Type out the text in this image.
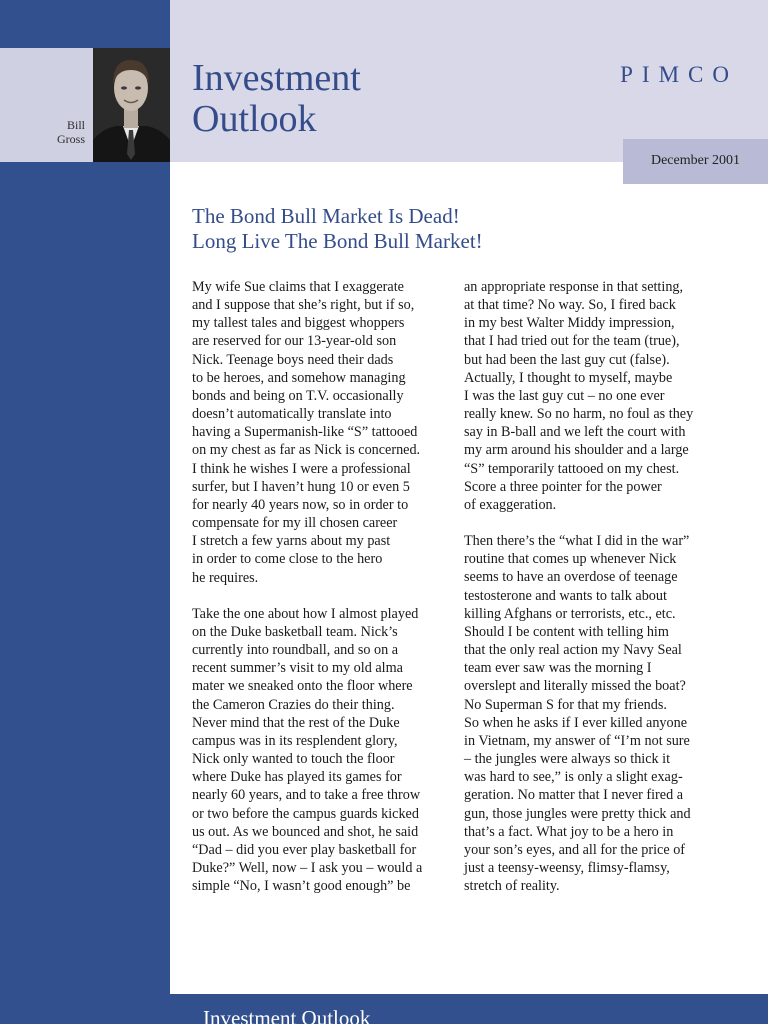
Bill
Gross
Investment
Outlook
PIMCO
December 2001
The Bond Bull Market Is Dead!
Long Live The Bond Bull Market!
My wife Sue claims that I exaggerate
and I suppose that she’s right, but if so,
my tallest tales and biggest whoppers
are reserved for our 13-year-old son
Nick. Teenage boys need their dads
to be heroes, and somehow managing
bonds and being on T.V. occasionally
doesn’t automatically translate into
having a Supermanish-like “S” tattooed
on my chest as far as Nick is concerned.
I think he wishes I were a professional
surfer, but I haven’t hung 10 or even 5
for nearly 40 years now, so in order to
compensate for my ill chosen career
I stretch a few yarns about my past
in order to come close to the hero
he requires.
Take the one about how I almost played
on the Duke basketball team. Nick’s
currently into roundball, and so on a
recent summer’s visit to my old alma
mater we sneaked onto the floor where
the Cameron Crazies do their thing.
Never mind that the rest of the Duke
campus was in its resplendent glory,
Nick only wanted to touch the floor
where Duke has played its games for
nearly 60 years, and to take a free throw
or two before the campus guards kicked
us out. As we bounced and shot, he said
“Dad – did you ever play basketball for
Duke?” Well, now – I ask you – would a
simple “No, I wasn’t good enough” be
an appropriate response in that setting,
at that time? No way. So, I fired back
in my best Walter Middy impression,
that I had tried out for the team (true),
but had been the last guy cut (false).
Actually, I thought to myself, maybe
I was the last guy cut – no one ever
really knew. So no harm, no foul as they
say in B-ball and we left the court with
my arm around his shoulder and a large
“S” temporarily tattooed on my chest.
Score a three pointer for the power
of exaggeration.
Then there’s the “what I did in the war”
routine that comes up whenever Nick
seems to have an overdose of teenage
testosterone and wants to talk about
killing Afghans or terrorists, etc., etc.
Should I be content with telling him
that the only real action my Navy Seal
team ever saw was the morning I
overslept and literally missed the boat?
No Superman S for that my friends.
So when he asks if I ever killed anyone
in Vietnam, my answer of “I’m not sure
– the jungles were always so thick it
was hard to see,” is only a slight exag-
geration. No matter that I never fired a
gun, those jungles were pretty thick and
that’s a fact. What joy to be a hero in
your son’s eyes, and all for the price of
just a teensy-weensy, flimsy-flamsy,
stretch of reality.
Investment Outlook
